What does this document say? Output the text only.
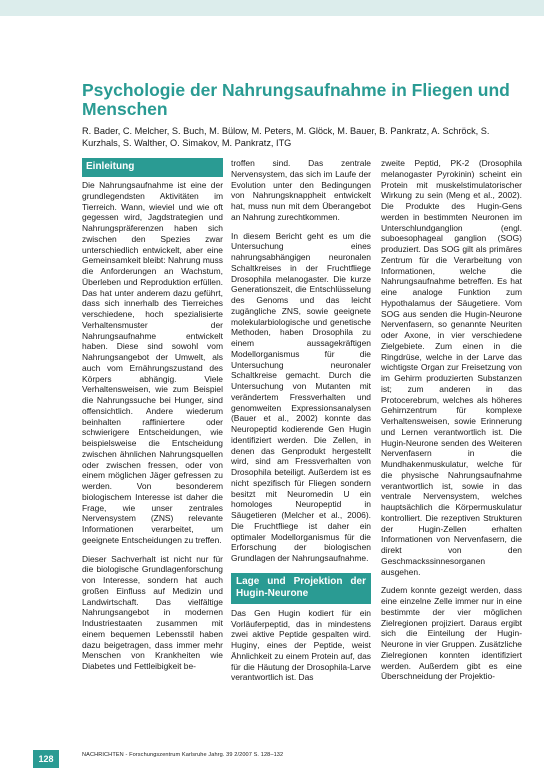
Psychologie der Nahrungsaufnahme in Fliegen und Menschen
R. Bader, C. Melcher, S. Buch, M. Bülow, M. Peters, M. Glöck, M. Bauer, B. Pankratz, A. Schröck, S. Kurzhals, S. Walther, O. Simakov, M. Pankratz, ITG
Einleitung

Die Nahrungsaufnahme ist eine der grundlegendsten Aktivitäten im Tierreich. Wann, wieviel und wie oft gegessen wird, Jagdstrategien und Nahrungspräferenzen haben sich zwischen den Spezies zwar unterschiedlich entwickelt, aber eine Gemeinsamkeit bleibt: Nahrung muss die Anforderungen an Wachstum, Überleben und Reproduktion erfüllen. Das hat unter anderem dazu geführt, dass sich innerhalb des Tierreiches verschiedene, hoch spezialisierte Verhaltensmuster der Nahrungsaufnahme entwickelt haben. Diese sind sowohl vom Nahrungsangebot der Umwelt, als auch vom Ernährungszustand des Körpers abhängig. Viele Verhaltensweisen, wie zum Beispiel die Nahrungssuche bei Hunger, sind offensichtlich. Andere wiederum beinhalten raffiniertere oder schwierigere Entscheidungen, wie beispielsweise die Entscheidung zwischen ähnlichen Nahrungsquellen oder zwischen fressen, oder von einem möglichen Jäger gefressen zu werden. Von besonderem biologischem Interesse ist daher die Frage, wie unser zentrales Nervensystem (ZNS) relevante Informationen verarbeitet, um geeignete Entscheidungen zu treffen.

Dieser Sachverhalt ist nicht nur für die biologische Grundlagenforschung von Interesse, sondern hat auch großen Einfluss auf Medizin und Landwirtschaft. Das vielfältige Nahrungsangebot in modernen Industriestaaten zusammen mit einem bequemen Lebensstil haben dazu beigetragen, dass immer mehr Menschen von Krankheiten wie Diabetes und Fettleibigkeit be-

troffen sind. Das zentrale Nervensystem, das sich im Laufe der Evolution unter den Bedingungen von Nahrungsknappheit entwickelt hat, muss nun mit dem Überangebot an Nahrung zurechtkommen.

In diesem Bericht geht es um die Untersuchung eines nahrungsabhängigen neuronalen Schaltkreises in der Fruchtfliege Drosophila melanogaster. Die kurze Generationszeit, die Entschlüsselung des Genoms und das leicht zugängliche ZNS, sowie geeignete molekularbiologische und genetische Methoden, haben Drosophila zu einem aussagekräftigen Modellorganismus für die Untersuchung neuronaler Schaltkreise gemacht. Durch die Untersuchung von Mutanten mit verändertem Fressverhalten und genomweiten Expressionsanalysen (Bauer et al., 2002) konnte das Neuropeptid kodierende Gen Hugin identifiziert werden. Die Zellen, in denen das Genprodukt hergestellt wird, sind am Fressverhalten von Drosophila beteiligt. Außerdem ist es nicht spezifisch für Fliegen sondern besitzt mit Neuromedin U ein homologes Neuropeptid in Säugetieren (Melcher et al., 2006). Die Fruchtfliege ist daher ein optimaler Modellorganismus für die Erforschung der biologischen Grundlagen der Nahrungsaufnahme.

Lage und Projektion der Hugin-Neurone

Das Gen Hugin kodiert für ein Vorläuferpeptid, das in mindestens zwei aktive Peptide gespalten wird. Huginγ, eines der Peptide, weist Ähnlichkeit zu einem Protein auf, das für die Häutung der Drosophila-Larve verantwortlich ist. Das

zweite Peptid, PK-2 (Drosophila melanogaster Pyrokinin) scheint ein Protein mit muskelstimulatorischer Wirkung zu sein (Meng et al., 2002). Die Produkte des Hugin-Gens werden in bestimmten Neuronen im Unterschlundganglion (engl. suboesophageal ganglion (SOG) produziert. Das SOG gilt als primäres Zentrum für die Verarbeitung von Informationen, welche die Nahrungsaufnahme betreffen. Es hat eine analoge Funktion zum Hypothalamus der Säugetiere. Vom SOG aus senden die Hugin-Neurone Nervenfasern, so genannte Neuriten oder Axone, in vier verschiedene Zielgebiete. Zum einen in die Ringdrüse, welche in der Larve das wichtigste Organ zur Freisetzung von im Gehirm produzierten Substanzen ist; zum anderen in das Protocerebrum, welches als höheres Gehirnzentrum für komplexe Verhaltensweisen, sowie Erinnerung und Lernen verantwortlich ist. Die Hugin-Neurone senden des Weiteren Nervenfasern in die Mundhakenmuskulatur, welche für die physische Nahrungsaufnahme verantwortlich ist, sowie in das ventrale Nervensystem, welches hauptsächlich die Körpermuskulatur kontrolliert. Die rezeptiven Strukturen der Hugin-Zellen erhalten Informationen von Nervenfasern, die direkt von den Geschmackssinnesorganen ausgehen.

Zudem konnte gezeigt werden, dass eine einzelne Zelle immer nur in eine bestimmte der vier möglichen Zielregionen projiziert. Daraus ergibt sich die Einteilung der Hugin-Neurone in vier Gruppen. Zusätzliche Zielregionen konnten identifiziert werden. Außerdem gibt es eine Überschneidung der Projektio-

128	NACHRICHTEN - Forschungszentrum Karlsruhe Jahrg. 39 2/2007 S. 128–132
